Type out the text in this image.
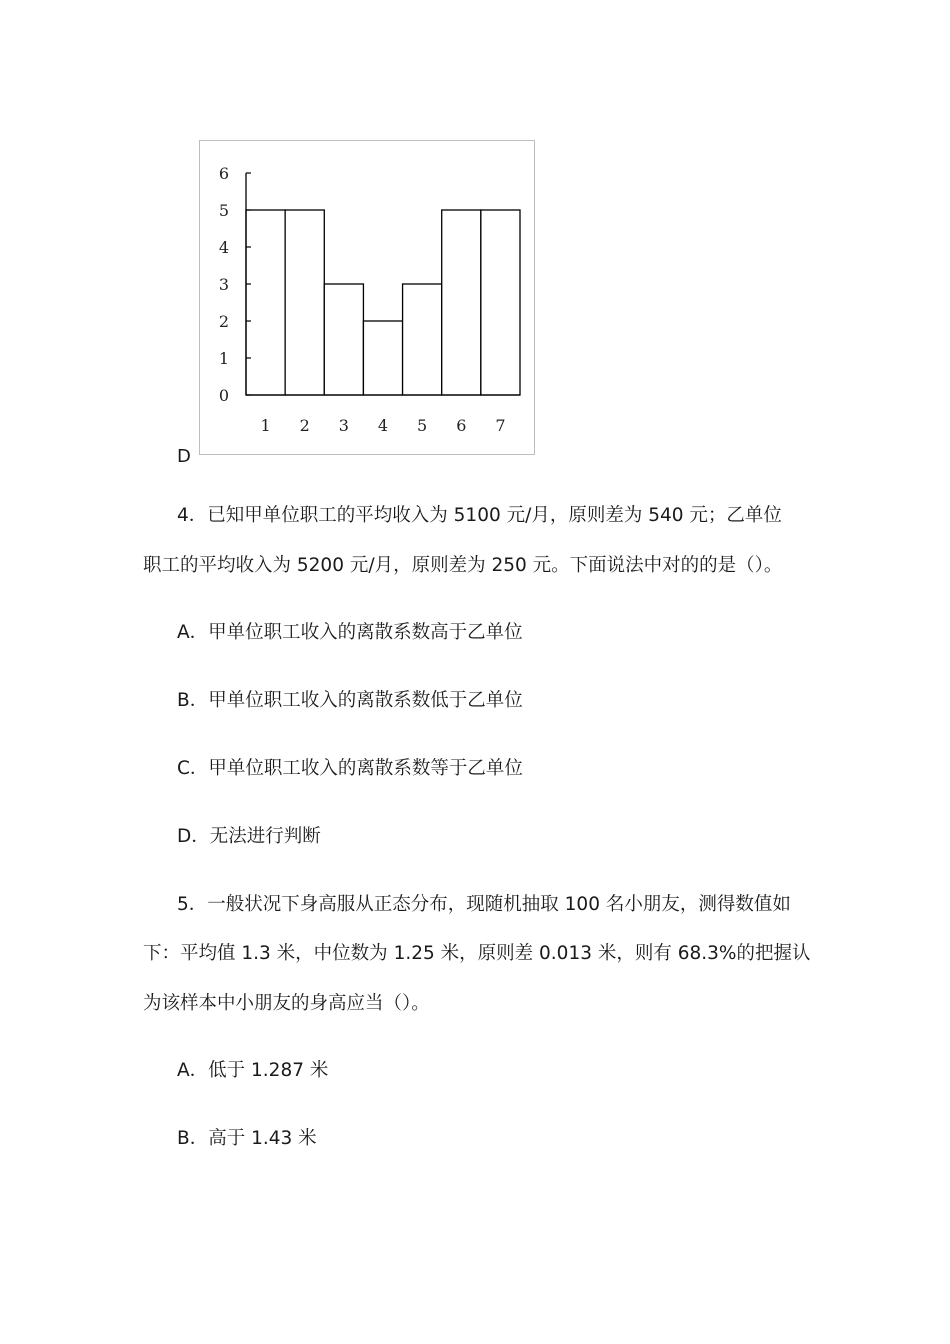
0
1
2
3
4
5
6
1 2 3 4 5 6 7
D
4．已知甲单位职工的平均收入为 5100 元/月，原则差为 540 元；乙单位
职工的平均收入为 5200 元/月，原则差为 250 元。下面说法中对的的是（）。
A．甲单位职工收入的离散系数高于乙单位
B．甲单位职工收入的离散系数低于乙单位
C．甲单位职工收入的离散系数等于乙单位
D．无法进行判断
5．一般状况下身高服从正态分布，现随机抽取 100 名小朋友，测得数值如
下：平均值 1.3 米，中位数为 1.25 米，原则差 0.013 米，则有 68.3%的把握认
为该样本中小朋友的身高应当（）。
A．低于 1.287 米
B．高于 1.43 米
